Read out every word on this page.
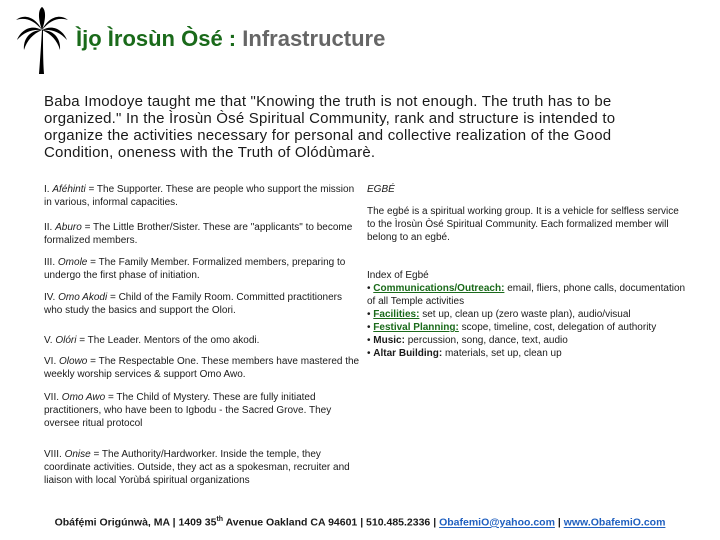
Ìjọ Ìrosùn Òsé : Infrastructure
Baba Imodoye taught me that "Knowing the truth is not enough. The truth has to be organized." In the Ìrosùn Òsé Spiritual Community, rank and structure is intended to organize the activities necessary for personal and collective realization of the Good Condition, oneness with the Truth of Olódùmarè.
I. Aféhinti = The Supporter. These are people who support the mission in various, informal capacities.
II. Aburo = The Little Brother/Sister. These are "applicants" to become formalized members.
III. Omole = The Family Member. Formalized members, preparing to undergo the first phase of initiation.
IV. Omo Akodi = Child of the Family Room. Committed practitioners who study the basics and support the Olori.
V. Olóri = The Leader. Mentors of the omo akodi.
VI. Olowo = The Respectable One. These members have mastered the weekly worship services & support Omo Awo.
VII. Omo Awo = The Child of Mystery. These are fully initiated practitioners, who have been to Igbodu - the Sacred Grove. They oversee ritual protocol
VIII. Onise = The Authority/Hardworker. Inside the temple, they coordinate activities. Outside, they act as a spokesman, recruiter and liaison with local Yorùbá spiritual organizations
EGBÉ
The egbé is a spiritual working group. It is a vehicle for selfless service to the Ìrosùn Òsé Spiritual Community. Each formalized member will belong to an egbé.
Index of Egbé
• Communications/Outreach: email, fliers, phone calls, documentation of all Temple activities
• Facilities: set up, clean up (zero waste plan), audio/visual
• Festival Planning: scope, timeline, cost, delegation of authority
• Music: percussion, song, dance, text, audio
• Altar Building: materials, set up, clean up
Obáfẹ́mi Origúnwà, MA | 1409 35th Avenue Oakland CA 94601 | 510.485.2336 | ObafemiO@yahoo.com | www.ObafemiO.com
